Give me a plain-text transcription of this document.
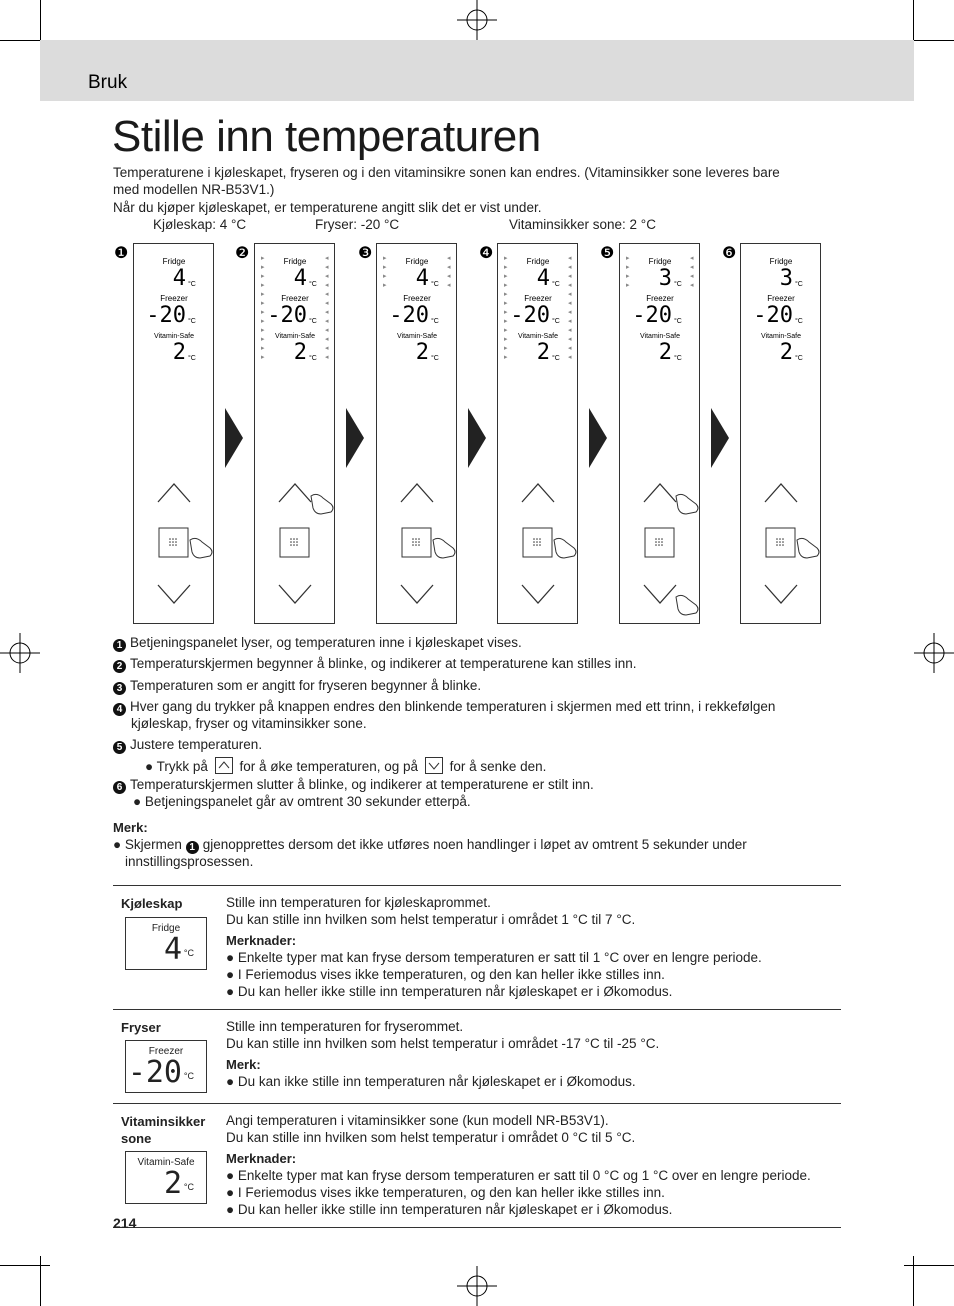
Bruk
Stille inn temperaturen
Temperaturene i kjøleskapet, fryseren og i den vitaminsikre sonen kan endres. (Vitaminsikker sone leveres bare
med modellen NR-B53V1.)
Når du kjøper kjøleskapet, er temperaturene angitt slik det er vist under.
Kjøleskap: 4 °C	Fryser: -20 °C	Vitaminsikker sone: 2 °C
❶	Fridge
4 °C
Freezer
-20 °C
Vitamin-Safe
2 °C
❷	Fridge
4 °C
Freezer
-20 °C
Vitamin-Safe
2 °C
▸	◂
▸	◂
▸	◂
▸	◂
▸	◂
▸	◂
▸	◂
▸	◂
▸	◂
▸	◂
▸	◂
▸	◂
❸	Fridge
4 °C
Freezer
-20 °C
Vitamin-Safe
2 °C
▸	◂
▸	◂
▸	◂
▸	◂
❹	Fridge
4 °C
Freezer
-20 °C
Vitamin-Safe
2 °C
▸	◂
▸	◂
▸	◂
▸	◂
▸	◂
▸	◂
▸	◂
▸	◂
▸	◂
▸	◂
▸	◂
▸	◂
❺	Fridge
3 °C
Freezer
-20 °C
Vitamin-Safe
2 °C
▸	◂
▸	◂
▸	◂
▸	◂
❻	Fridge
3 °C
Freezer
-20 °C
Vitamin-Safe
2 °C
1 Betjeningspanelet lyser, og temperaturen inne i kjøleskapet vises.
2 Temperaturskjermen begynner å blinke, og indikerer at temperaturene kan stilles inn.
3 Temperaturen som er angitt for fryseren begynner å blinke.
4 Hver gang du trykker på knappen endres den blinkende temperaturen i skjermen med ett trinn, i rekkefølgen
kjøleskap, fryser og vitaminsikker sone.
5 Justere temperaturen.
● Trykk på for å øke temperaturen, og på for å senke den.
6 Temperaturskjermen slutter å blinke, og indikerer at temperaturene er stilt inn.
● Betjeningspanelet går av omtrent 30 sekunder etterpå.
Merk:
● Skjermen 1 gjenopprettes dersom det ikke utføres noen handlinger i løpet av omtrent 5 sekunder under
innstillingsprosessen.
Kjøleskap
Fridge
4 °C
Stille inn temperaturen for kjøleskaprommet.
Du kan stille inn hvilken som helst temperatur i området 1 °C til 7 °C.
Merknader:
● Enkelte typer mat kan fryse dersom temperaturen er satt til 1 °C over en lengre periode.
● I Feriemodus vises ikke temperaturen, og den kan heller ikke stilles inn.
● Du kan heller ikke stille inn temperaturen når kjøleskapet er i Økomodus.
Fryser
Freezer
-20 °C
Stille inn temperaturen for fryserommet.
Du kan stille inn hvilken som helst temperatur i området -17 °C til -25 °C.
Merk:
● Du kan ikke stille inn temperaturen når kjøleskapet er i Økomodus.
Vitaminsikker
sone
Vitamin-Safe
2 °C
Angi temperaturen i vitaminsikker sone (kun modell NR-B53V1).
Du kan stille inn hvilken som helst temperatur i området 0 °C til 5 °C.
Merknader:
● Enkelte typer mat kan fryse dersom temperaturen er satt til 0 °C og 1 °C over en lengre periode.
● I Feriemodus vises ikke temperaturen, og den kan heller ikke stilles inn.
● Du kan heller ikke stille inn temperaturen når kjøleskapet er i Økomodus.
214
